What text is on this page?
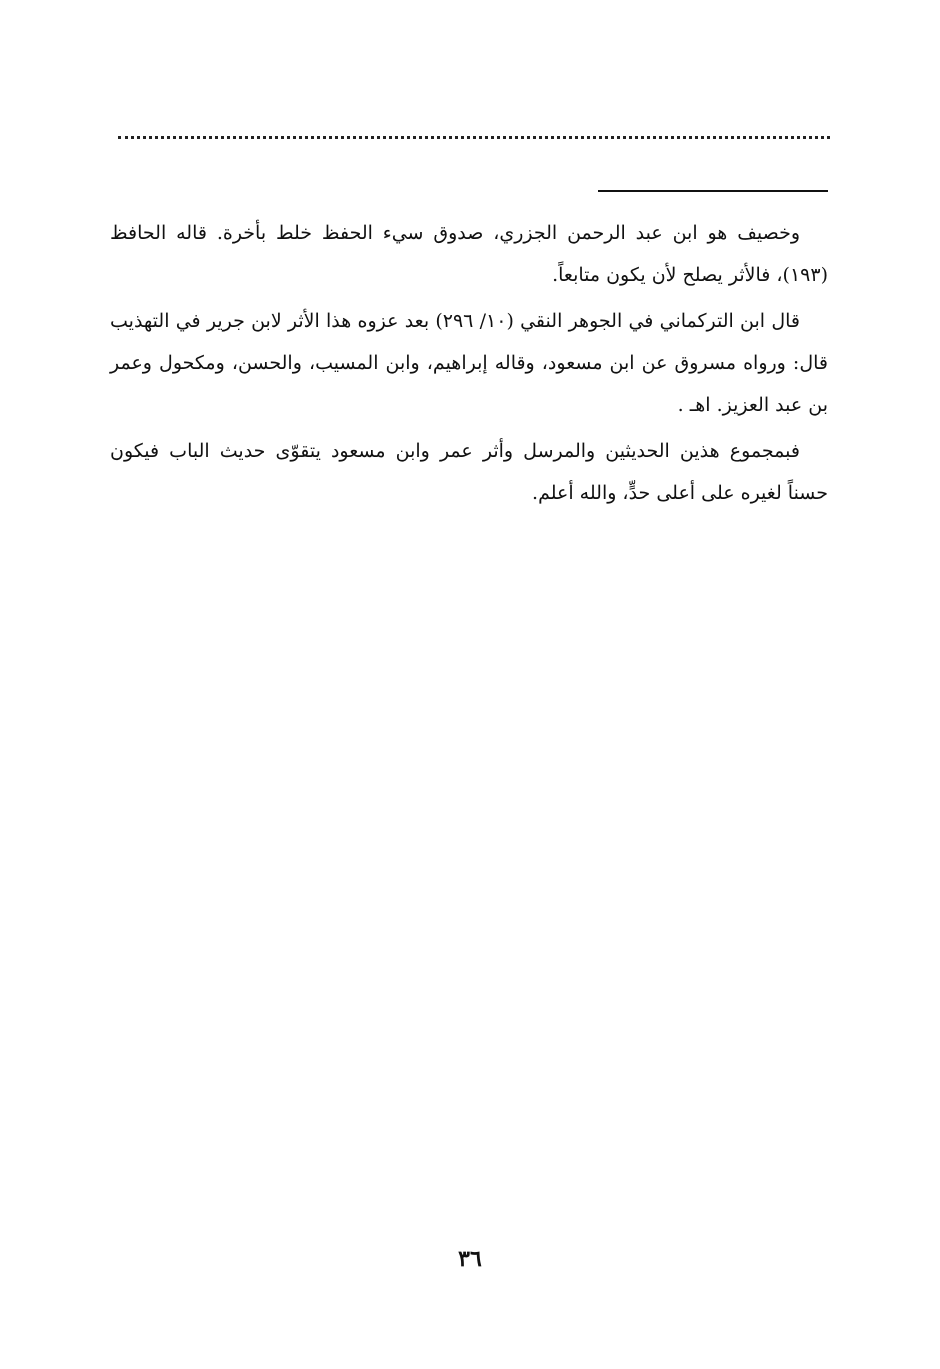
وخصيف هو ابن عبد الرحمن الجزري، صدوق سيء الحفظ خلط بأخرة. قاله الحافظ (١٩٣)، فالأثر يصلح لأن يكون متابعاً.

قال ابن التركماني في الجوهر النقي (١٠/ ٢٩٦) بعد عزوه هذا الأثر لابن جرير في التهذيب قال: ورواه مسروق عن ابن مسعود، وقاله إبراهيم، وابن المسيب، والحسن، ومكحول وعمر بن عبد العزيز. اهـ .

فبمجموع هذين الحديثين والمرسل وأثر عمر وابن مسعود يتقوّى حديث الباب فيكون حسناً لغيره على أعلى حدٍّ، والله أعلم.

٣٦
